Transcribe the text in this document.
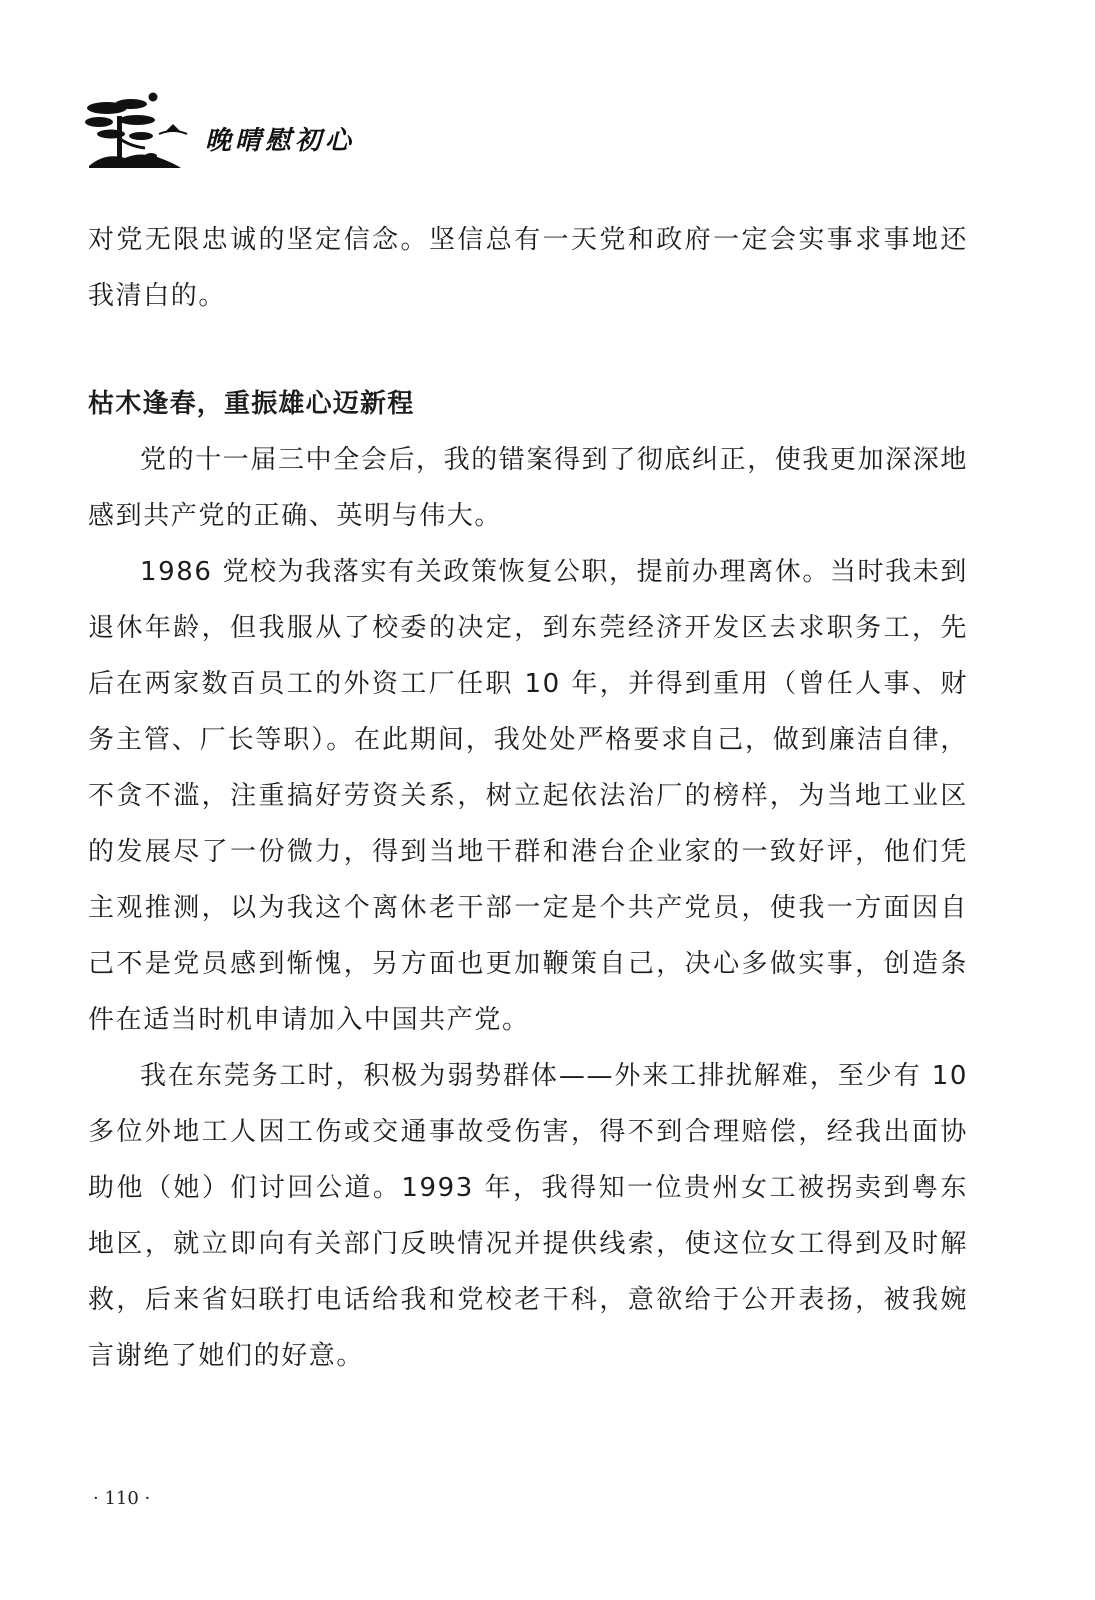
晚晴慰初心

对党无限忠诚的坚定信念。坚信总有一天党和政府一定会实事求事地还我清白的。

枯木逢春，重振雄心迈新程

党的十一届三中全会后，我的错案得到了彻底纠正，使我更加深深地感到共产党的正确、英明与伟大。

1986 党校为我落实有关政策恢复公职，提前办理离休。当时我未到退休年龄，但我服从了校委的决定，到东莞经济开发区去求职务工，先后在两家数百员工的外资工厂任职 10 年，并得到重用（曾任人事、财务主管、厂长等职）。在此期间，我处处严格要求自己，做到廉洁自律，不贪不滥，注重搞好劳资关系，树立起依法治厂的榜样，为当地工业区的发展尽了一份微力，得到当地干群和港台企业家的一致好评，他们凭主观推测，以为我这个离休老干部一定是个共产党员，使我一方面因自己不是党员感到惭愧，另方面也更加鞭策自己，决心多做实事，创造条件在适当时机申请加入中国共产党。

我在东莞务工时，积极为弱势群体——外来工排扰解难，至少有 10 多位外地工人因工伤或交通事故受伤害，得不到合理赔偿，经我出面协助他（她）们讨回公道。1993 年，我得知一位贵州女工被拐卖到粤东地区，就立即向有关部门反映情况并提供线索，使这位女工得到及时解救，后来省妇联打电话给我和党校老干科，意欲给于公开表扬，被我婉言谢绝了她们的好意。

· 110 ·
